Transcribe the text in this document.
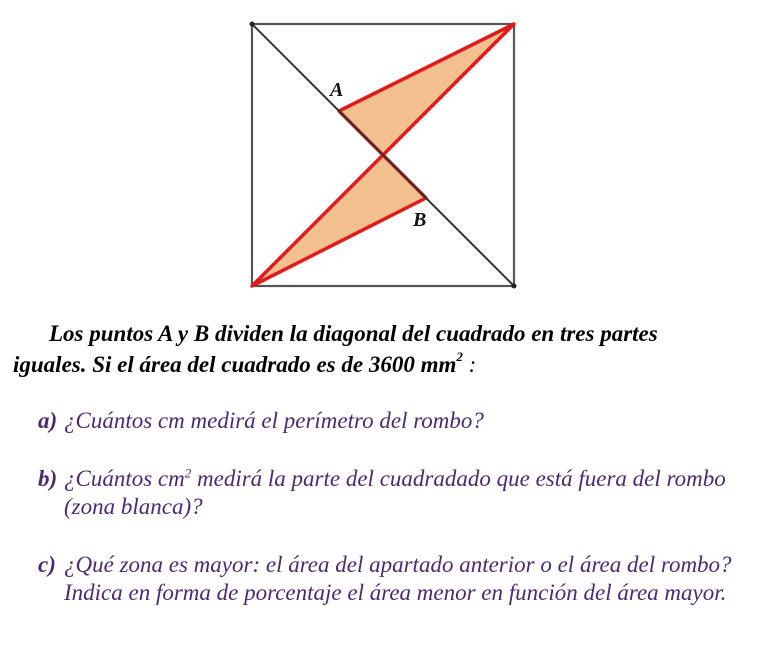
A
B
Los puntos A y B dividen la diagonal del cuadrado en tres partes
iguales. Si el área del cuadrado es de 3600 $mm^2$ :
a) ¿Cuántos cm medirá el perímetro del rombo?
b) ¿Cuántos $cm^2$ medirá la parte del cuadradado que está fuera del rombo (zona blanca)?
c) ¿Qué zona es mayor: el área del apartado anterior o el área del rombo? Indica en forma de porcentaje el área menor en función del área mayor.
